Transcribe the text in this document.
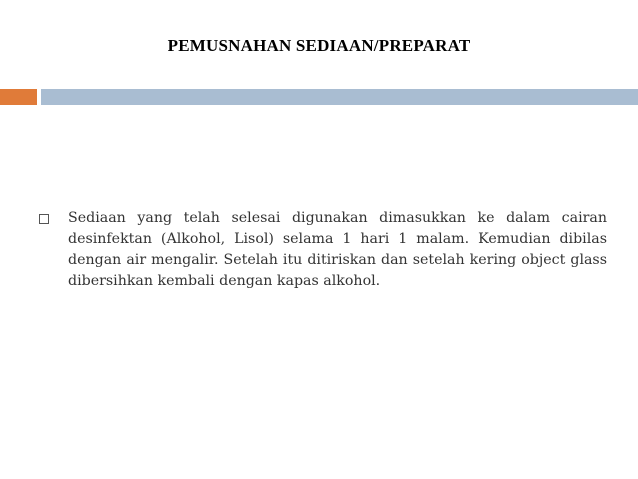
PEMUSNAHAN SEDIAAN/PREPARAT

Sediaan yang telah selesai digunakan dimasukkan ke dalam cairan desinfektan (Alkohol, Lisol) selama 1 hari 1 malam. Kemudian dibilas dengan air mengalir. Setelah itu ditiriskan dan setelah kering object glass dibersihkan kembali dengan kapas alkohol.
